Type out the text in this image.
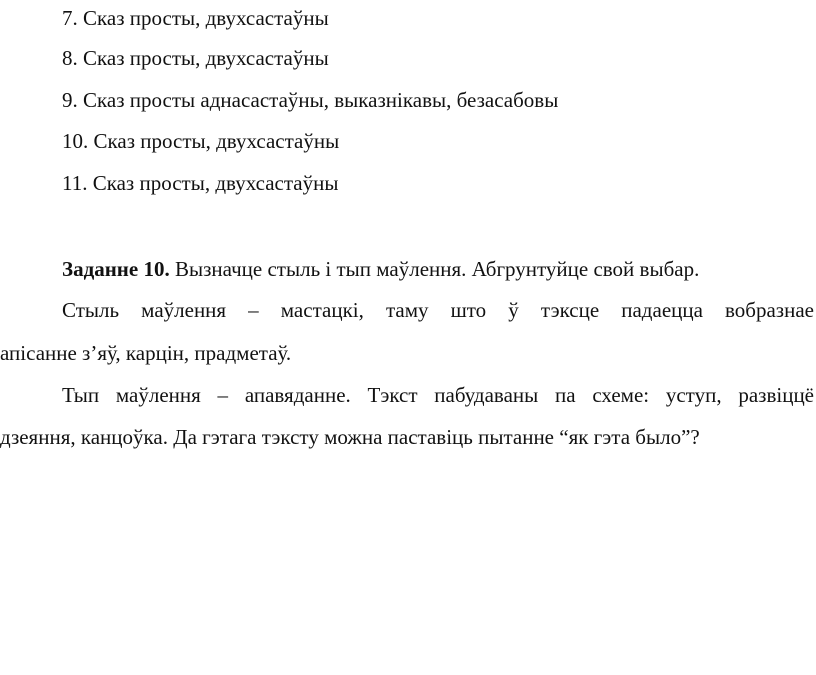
7. Сказ просты, двухсастаўны
8. Сказ просты, двухсастаўны
9. Сказ просты аднасастаўны, выказнікавы, безасабовы
10. Сказ просты, двухсастаўны
11. Сказ просты, двухсастаўны
Заданне 10. Вызначце стыль і тып маўлення. Абгрунтуйце свой выбар.
Стыль маўлення – мастацкі, таму што ў тэксце падаецца вобразнае
апісанне з’яў, карцін, прадметаў.
Тып маўлення – апавяданне. Тэкст пабудаваны па схеме: уступ, развіццё
дзеяння, канцоўка. Да гэтага тэксту можна паставіць пытанне “як гэта было”?
